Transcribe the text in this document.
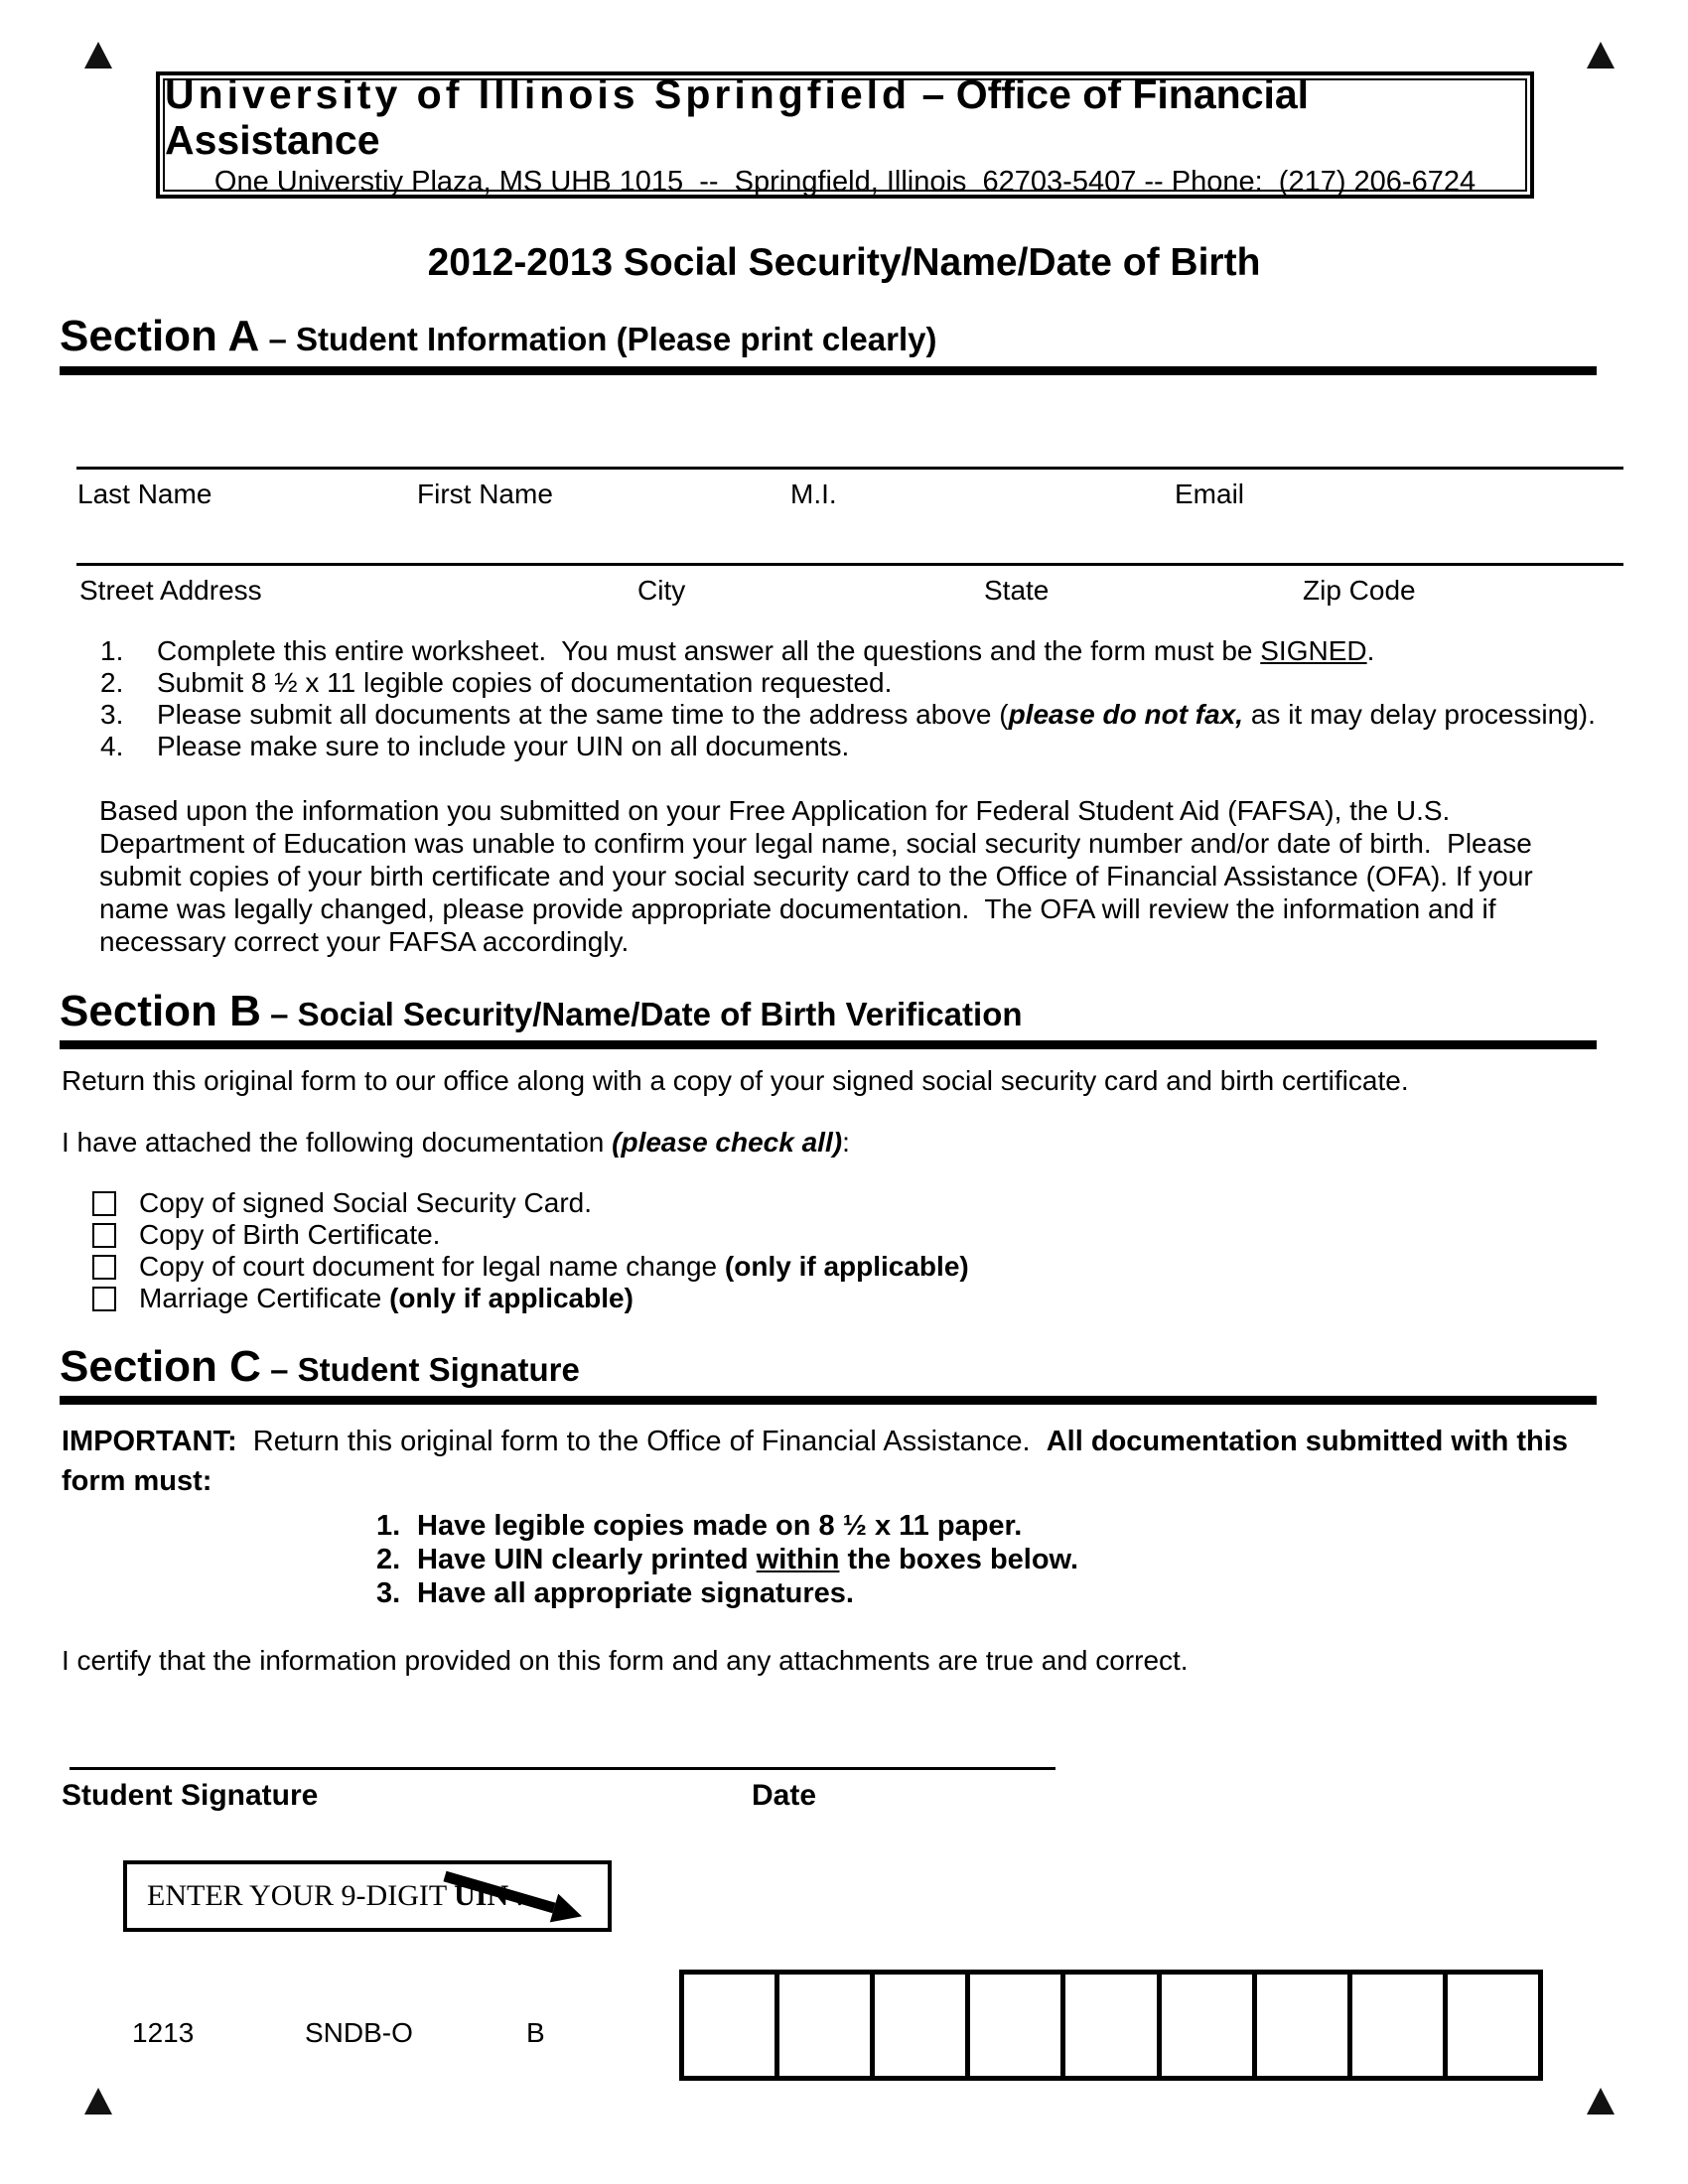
University of Illinois Springfield – Office of Financial Assistance
One Universtiy Plaza, MS UHB 1015  --  Springfield, Illinois  62703-5407 -- Phone:  (217) 206-6724
2012-2013 Social Security/Name/Date of Birth
Section A – Student Information (Please print clearly)
Last Name	First Name	M.I.	Email
Street Address	City	State	Zip Code
1.	Complete this entire worksheet.  You must answer all the questions and the form must be SIGNED.
2.	Submit 8 ½ x 11 legible copies of documentation requested.
3.	Please submit all documents at the same time to the address above (please do not fax, as it may delay processing).
4.	Please make sure to include your UIN on all documents.
Based upon the information you submitted on your Free Application for Federal Student Aid (FAFSA), the U.S. Department of Education was unable to confirm your legal name, social security number and/or date of birth.  Please submit copies of your birth certificate and your social security card to the Office of Financial Assistance (OFA). If your name was legally changed, please provide appropriate documentation.  The OFA will review the information and if necessary correct your FAFSA accordingly.
Section B – Social Security/Name/Date of Birth Verification
Return this original form to our office along with a copy of your signed social security card and birth certificate.
I have attached the following documentation (please check all):
Copy of signed Social Security Card.
Copy of Birth Certificate.
Copy of court document for legal name change (only if applicable)
Marriage Certificate (only if applicable)
Section C – Student Signature
IMPORTANT:  Return this original form to the Office of Financial Assistance.  All documentation submitted with this form must:
1. Have legible copies made on 8 ½ x 11 paper.
2. Have UIN clearly printed within the boxes below.
3. Have all appropriate signatures.
I certify that the information provided on this form and any attachments are true and correct.
Student Signature	Date
ENTER YOUR 9-DIGIT UIN .
1213	SNDB-O	B
